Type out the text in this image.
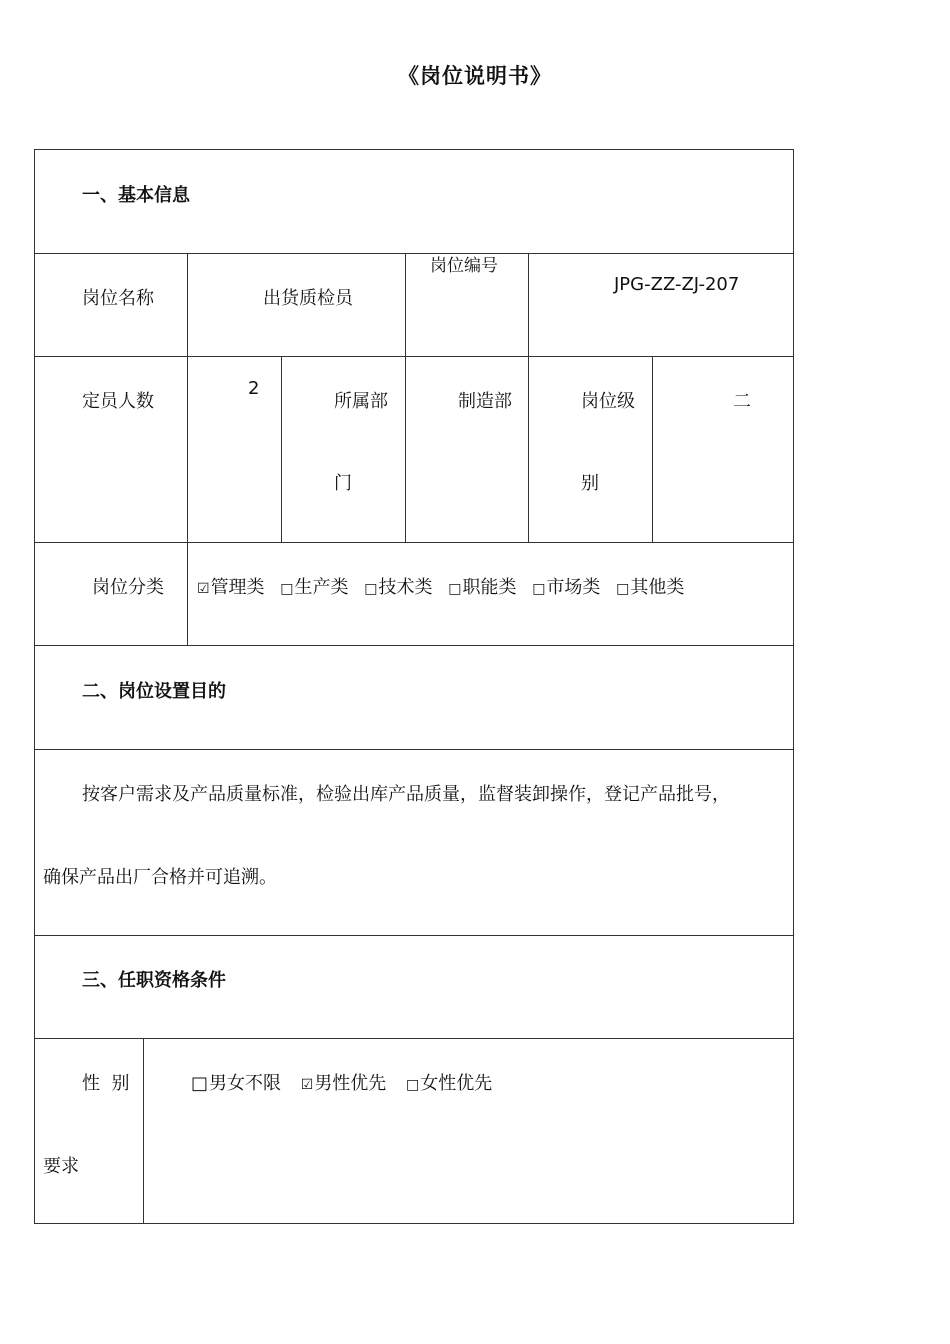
《岗位说明书》
一、基本信息
岗位名称	出货质检员
岗位编号
JPG-ZZ-ZJ-207
定员人数
2
所属部
门
制造部	岗位级
别
二
岗位分类 ☑管理类 □生产类 □技术类 □职能类 □市场类 □其他类
二、岗位设置目的
按客户需求及产品质量标准，检验出库产品质量，监督装卸操作，登记产品批号，
确保产品出厂合格并可追溯。
三、任职资格条件
性  别
要求
□男女不限 ☑男性优先 □女性优先
